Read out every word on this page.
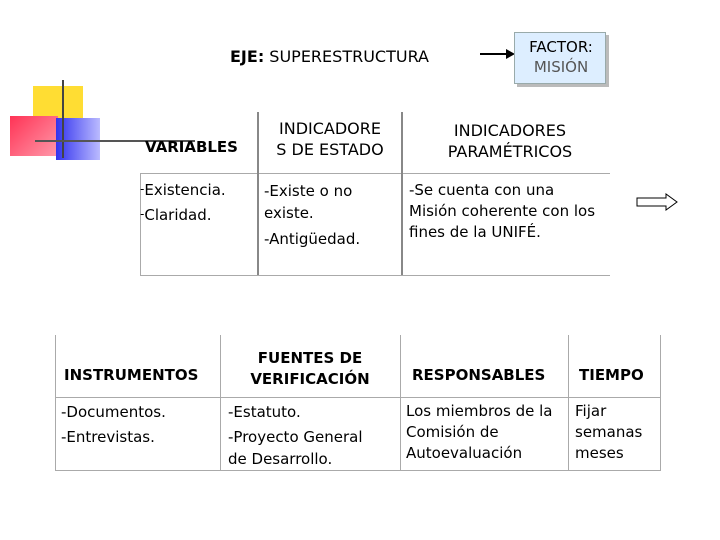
EJE: SUPERESTRUCTURA	FACTOR:
MISIÓN
VARIABLES
INDICADORE
S DE ESTADO
INDICADORES
PARAMÉTRICOS
-Existencia.
-Claridad.
-Existe o no
existe.
-Antigüedad.
-Se cuenta con una
Misión coherente con los
fines de la UNIFÉ.
INSTRUMENTOS
FUENTES DE
VERIFICACIÓN	RESPONSABLES TIEMPO
-Documentos.
-Entrevistas.
-Estatuto.
-Proyecto General
de Desarrollo.
Los miembros de la
Comisión de
Autoevaluación
Fijar
semanas
meses
